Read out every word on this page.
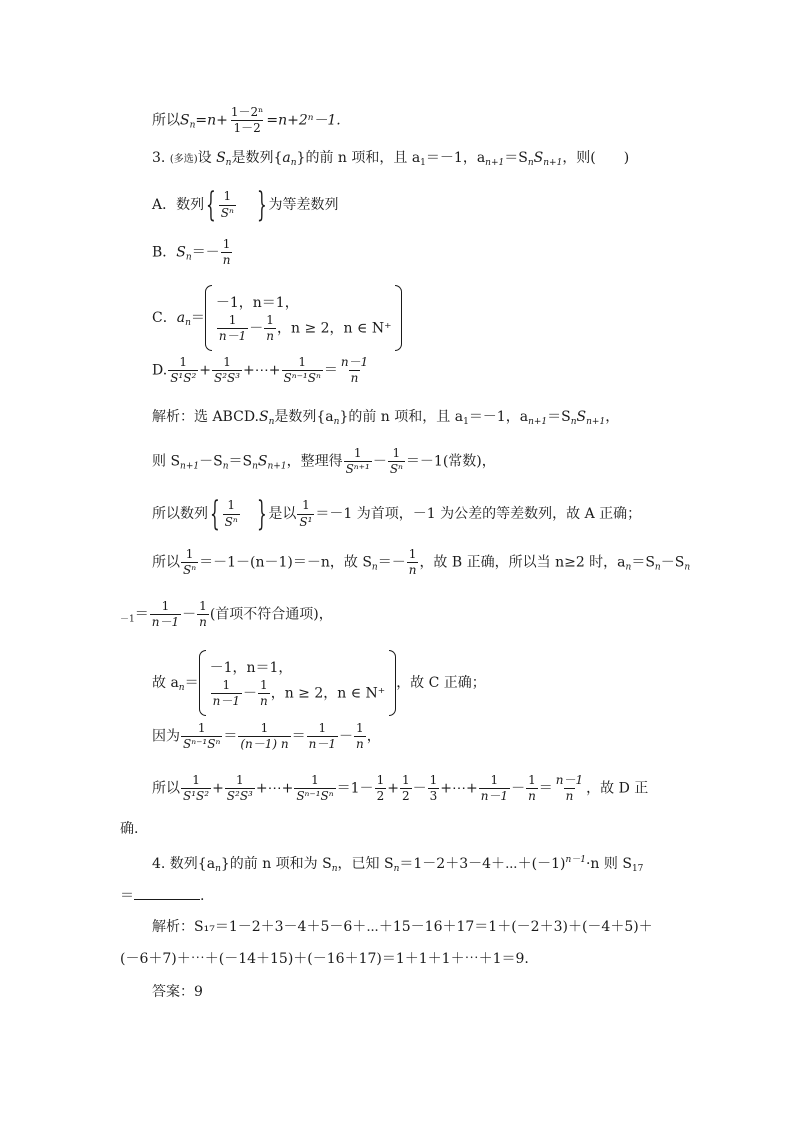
所以$S_n=n+ \frac{\text{1－2ⁿ}}{1-2} =n+2^n-1$.
3. (多选)设 $S_n$是数列$\{a_n\}$的前 n 项和，且 $a_1=-1$，$a_{n+1}=S_nS_{n+1}$，则(　　)
A．数列{ $\frac{1}{\text{Sⁿ}}$ } 为等差数列
B．$S_n=- \frac{1}{n}$
C．$a_n=$
－1，n＝1，
$\frac{1}{n-1} - \frac{1}{n}$ ，n ≥ 2，n ∈ N⁺
D. $\frac{1}{\text{S¹S²}} + \frac{1}{\text{S²S³}}$ +⋯+ $\frac{1}{\text{Sⁿ⁻¹Sⁿ}} = \frac{n-1}{n}$
解析：选 $ABCD.S_n$是数列$\{a_n\}$的前 n 项和，且 $a_1=-1$，$a_{n+1}=S_nS_{n+1}$，
则 $S_{n+1}-S_n=S_nS_{n+1}$，整理得 $\frac{1}{\text{Sⁿ⁺¹}} - \frac{1}{\text{Sⁿ}} =-1$(常数)，
所以数列{ $\frac{1}{\text{Sⁿ}}$ } 是以 $\frac{1}{\text{S¹}} =-1$ 为首项，－1 为公差的等差数列，故 A 正确；
所以 $\frac{1}{\text{Sⁿ}} =-1-(n-1)=-n$，故 $S_n=- \frac{1}{n}$ ，故 B 正确，所以当 n≥2 时，$a_n=S_n-S_n$
$_{-1}= \frac{1}{n-1} - \frac{1}{n}$ (首项不符合通项)，
故 $a_n=$
－1，n＝1，
$\frac{1}{n-1} - \frac{1}{n}$ ，n ≥ 2，n ∈ N⁺
，故 C 正确；
因为 $\frac{1}{\text{Sⁿ⁻¹Sⁿ}} = \frac{1}{(n-1) n} = \frac{1}{n-1} - \frac{1}{n}$ ，
所以 $\frac{1}{\text{S¹S²}} + \frac{1}{\text{S²S³}}$ +⋯+ $\frac{1}{\text{Sⁿ⁻¹Sⁿ}} =1- \frac{1}{2} + \frac{1}{2} - \frac{1}{3}$ +⋯+ $\frac{1}{n-1} - \frac{1}{n} = \frac{n-1}{n}$ ，故 D 正
确.
4. 数列$\{a_n\}$的前 n 项和为 $S_n$，已知 $S_n=1-2+3-4+\cdots+(-1)^{n-1}\cdot n$ 则 $S_{17}$
＝	.
解析：S₁₇＝1－2＋3－4＋5－6＋⋯＋15－16＋17＝1＋(－2＋3)＋(－4＋5)＋
(－6＋7)＋⋯＋(－14＋15)＋(－16＋17)＝1＋1＋1＋⋯＋1＝9.
答案：9
